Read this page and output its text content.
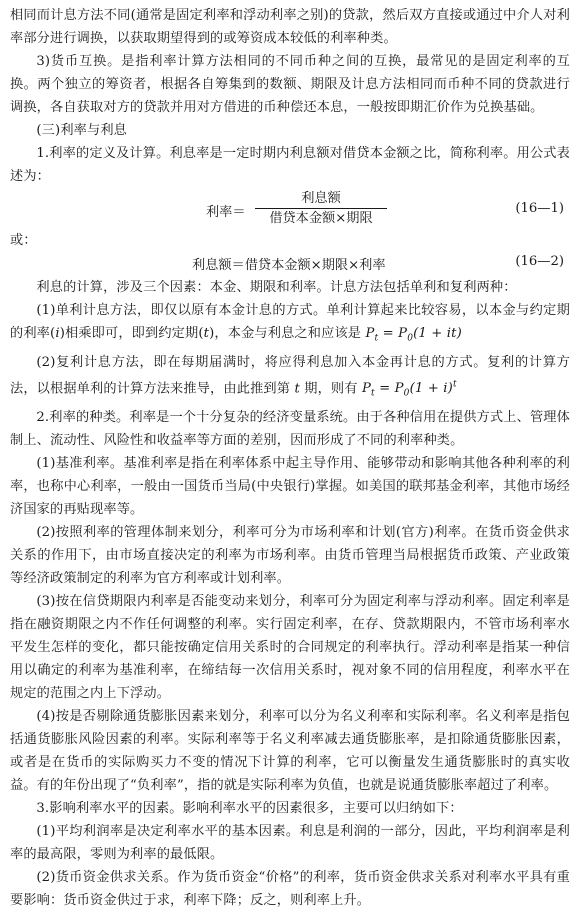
相同而计息方法不同(通常是固定利率和浮动利率之别)的贷款，然后双方直接或通过中介人对利率部分进行调换，以获取期望得到的或筹资成本较低的利率种类。

3)货币互换。是指利率计算方法相同的不同币种之间的互换，最常见的是固定利率的互换。两个独立的筹资者，根据各自筹集到的数额、期限及计息方法相同而币种不同的贷款进行调换，各自获取对方的贷款并用对方借进的币种偿还本息，一般按即期汇价作为兑换基础。

(三)利率与利息

1.利率的定义及计算。利息率是一定时期内利息额对借贷本金额之比，简称利率。用公式表述为：

利率＝
利息额
借贷本金额×期限
(16—1)

或：

利息额＝借贷本金额×期限×利率	(16—2)

利息的计算，涉及三个因素：本金、期限和利率。计息方法包括单利和复利两种：

(1)单利计息方法，即仅以原有本金计息的方式。单利计算起来比较容易，以本金与约定期的利率(i)相乘即可，即到约定期(t)，本金与利息之和应该是 $P_t = P_0(1 + it)$

(2)复利计息方法，即在每期届满时，将应得利息加入本金再计息的方式。复利的计算方法，以根据单利的计算方法来推导，由此推到第 t 期，则有 $P_t = P_0(1 + i)^t$

2.利率的种类。利率是一个十分复杂的经济变量系统。由于各种信用在提供方式上、管理体制上、流动性、风险性和收益率等方面的差别，因而形成了不同的利率种类。

(1)基准利率。基准利率是指在利率体系中起主导作用、能够带动和影响其他各种利率的利率，也称中心利率，一般由一国货币当局(中央银行)掌握。如美国的联邦基金利率，其他市场经济国家的再贴现率等。

(2)按照利率的管理体制来划分，利率可分为市场利率和计划(官方)利率。在货币资金供求关系的作用下，由市场直接决定的利率为市场利率。由货币管理当局根据货币政策、产业政策等经济政策制定的利率为官方利率或计划利率。

(3)按在信贷期限内利率是否能变动来划分，利率可分为固定利率与浮动利率。固定利率是指在融资期限之内不作任何调整的利率。实行固定利率，在存、贷款期限内，不管市场利率水平发生怎样的变化，都只能按确定信用关系时的合同规定的利率执行。浮动利率是指某一种信用以确定的利率为基准利率，在缔结每一次信用关系时，视对象不同的信用程度，利率水平在规定的范围之内上下浮动。

(4)按是否剔除通货膨胀因素来划分，利率可以分为名义利率和实际利率。名义利率是指包括通货膨胀风险因素的利率。实际利率等于名义利率减去通货膨胀率，是扣除通货膨胀因素，或者是在货币的实际购买力不变的情况下计算的利率，它可以衡量发生通货膨胀时的真实收益。有的年份出现了“负利率”，指的就是实际利率为负值，也就是说通货膨胀率超过了利率。

3.影响利率水平的因素。影响利率水平的因素很多，主要可以归纳如下：

(1)平均利润率是决定利率水平的基本因素。利息是利润的一部分，因此，平均利润率是利率的最高限，零则为利率的最低限。

(2)货币资金供求关系。作为货币资金“价格”的利率，货币资金供求关系对利率水平具有重要影响：货币资金供过于求，利率下降；反之，则利率上升。
